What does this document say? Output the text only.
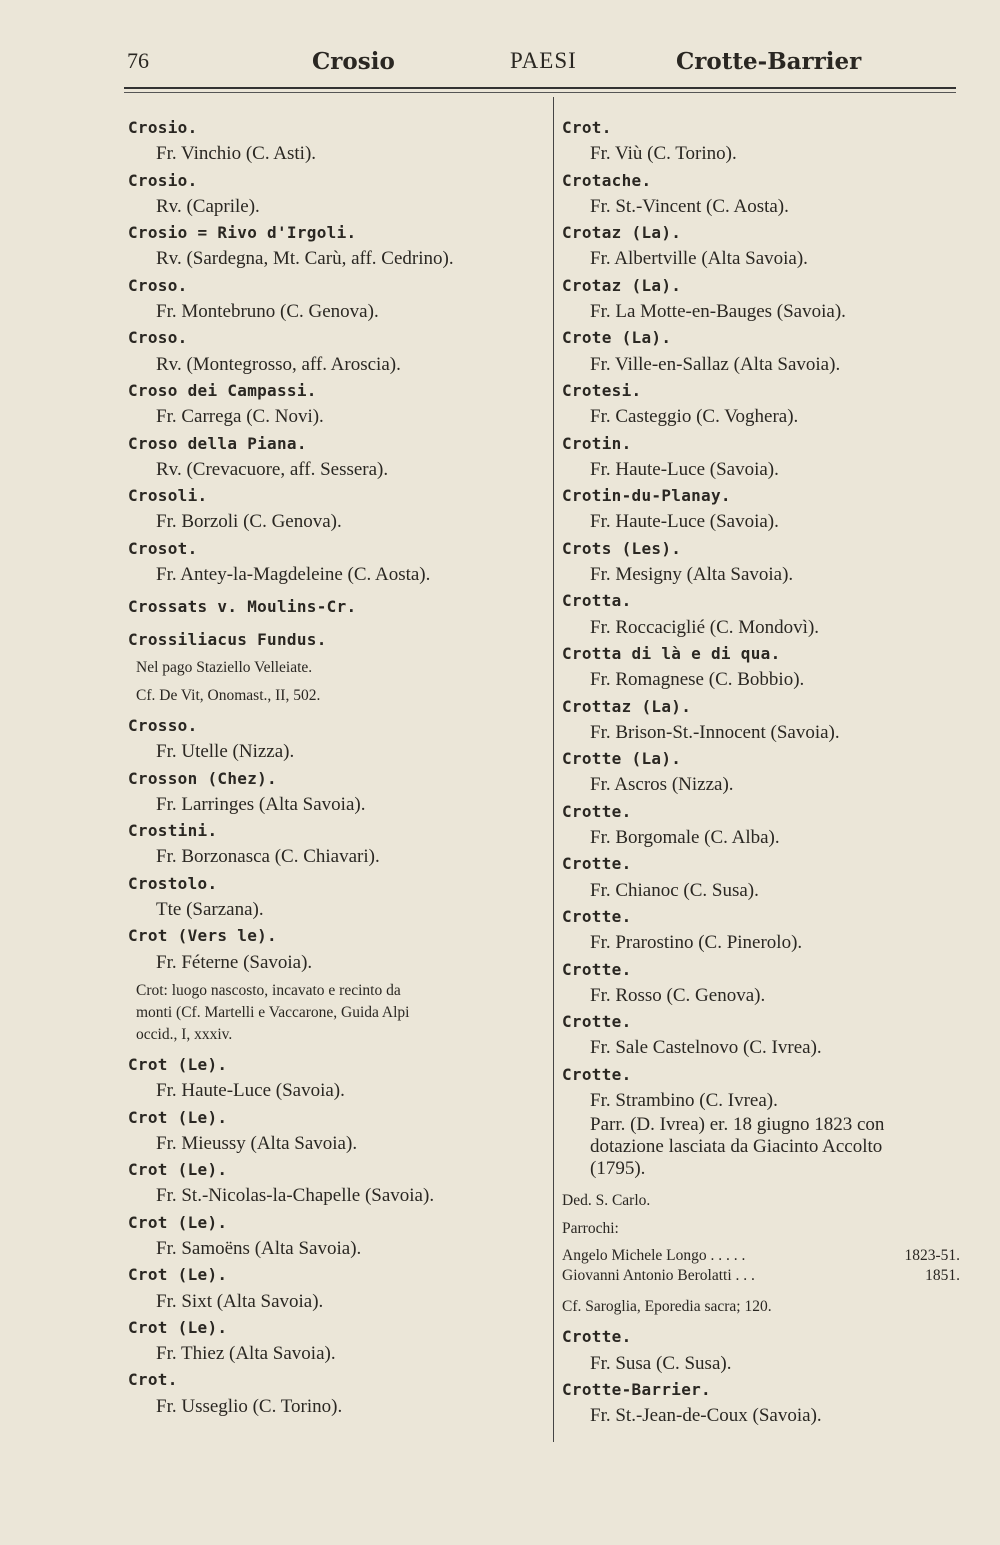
76	Crosio	PAESI	Crotte-Barrier
Crosio.
Fr. Vinchio (C. Asti).
Crosio.
Rv. (Caprile).
Crosio = Rivo d'Irgoli.
Rv. (Sardegna, Mt. Carù, aff. Cedrino).
Croso.
Fr. Montebruno (C. Genova).
Croso.
Rv. (Montegrosso, aff. Aroscia).
Croso dei Campassi.
Fr. Carrega (C. Novi).
Croso della Piana.
Rv. (Crevacuore, aff. Sessera).
Crosoli.
Fr. Borzoli (C. Genova).
Crosot.
Fr. Antey-la-Magdeleine (C. Aosta).
Crossats v. Moulins-Cr.
Crossiliacus Fundus.
Nel pago Staziello Velleiate.
Cf. De Vit, Onomast., II, 502.
Crosso.
Fr. Utelle (Nizza).
Crosson (Chez).
Fr. Larringes (Alta Savoia).
Crostini.
Fr. Borzonasca (C. Chiavari).
Crostolo.
Tte (Sarzana).
Crot (Vers le).
Fr. Féterne (Savoia).
Crot: luogo nascosto, incavato e recinto da
monti (Cf. Martelli e Vaccarone, Guida Alpi
occid., I, xxxiv.
Crot (Le).
Fr. Haute-Luce (Savoia).
Crot (Le).
Fr. Mieussy (Alta Savoia).
Crot (Le).
Fr. St.-Nicolas-la-Chapelle (Savoia).
Crot (Le).
Fr. Samoëns (Alta Savoia).
Crot (Le).
Fr. Sixt (Alta Savoia).
Crot (Le).
Fr. Thiez (Alta Savoia).
Crot.
Fr. Usseglio (C. Torino).
Crot.
Fr. Viù (C. Torino).
Crotache.
Fr. St.-Vincent (C. Aosta).
Crotaz (La).
Fr. Albertville (Alta Savoia).
Crotaz (La).
Fr. La Motte-en-Bauges (Savoia).
Crote (La).
Fr. Ville-en-Sallaz (Alta Savoia).
Crotesi.
Fr. Casteggio (C. Voghera).
Crotin.
Fr. Haute-Luce (Savoia).
Crotin-du-Planay.
Fr. Haute-Luce (Savoia).
Crots (Les).
Fr. Mesigny (Alta Savoia).
Crotta.
Fr. Roccaciglié (C. Mondovì).
Crotta di là e di qua.
Fr. Romagnese (C. Bobbio).
Crottaz (La).
Fr. Brison-St.-Innocent (Savoia).
Crotte (La).
Fr. Ascros (Nizza).
Crotte.
Fr. Borgomale (C. Alba).
Crotte.
Fr. Chianoc (C. Susa).
Crotte.
Fr. Prarostino (C. Pinerolo).
Crotte.
Fr. Rosso (C. Genova).
Crotte.
Fr. Sale Castelnovo (C. Ivrea).
Crotte.
Fr. Strambino (C. Ivrea).
Parr. (D. Ivrea) er. 18 giugno 1823 con
dotazione lasciata da Giacinto Accolto
(1795).
Ded. S. Carlo.
Parrochi:
Angelo Michele Longo . . . . .	1823-51.
Giovanni Antonio Berolatti . . .	1851.
Cf. Saroglia, Eporedia sacra; 120.
Crotte.
Fr. Susa (C. Susa).
Crotte-Barrier.
Fr. St.-Jean-de-Coux (Savoia).
